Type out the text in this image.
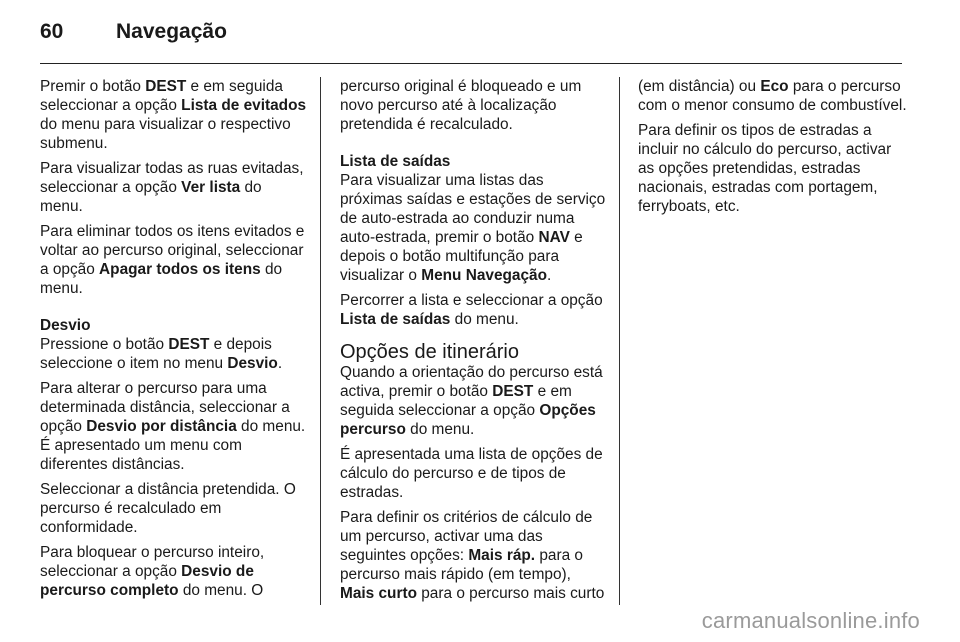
60	Navegação

Premir o botão DEST e em seguida seleccionar a opção Lista de evitados do menu para visualizar o respectivo submenu.

Para visualizar todas as ruas evitadas, seleccionar a opção Ver lista do menu.

Para eliminar todos os itens evitados e voltar ao percurso original, seleccionar a opção Apagar todos os itens do menu.

Desvio

Pressione o botão DEST e depois seleccione o item no menu Desvio.

Para alterar o percurso para uma determinada distância, seleccionar a opção Desvio por distância do menu. É apresentado um menu com diferentes distâncias.

Seleccionar a distância pretendida. O percurso é recalculado em conformidade.

Para bloquear o percurso inteiro, seleccionar a opção Desvio de percurso completo do menu. O

percurso original é bloqueado e um novo percurso até à localização pretendida é recalculado.

Lista de saídas

Para visualizar uma listas das próximas saídas e estações de serviço de auto-estrada ao conduzir numa auto-estrada, premir o botão NAV e depois o botão multifunção para visualizar o Menu Navegação.

Percorrer a lista e seleccionar a opção Lista de saídas do menu.

Opções de itinerário

Quando a orientação do percurso está activa, premir o botão DEST e em seguida seleccionar a opção Opções percurso do menu.

É apresentada uma lista de opções de cálculo do percurso e de tipos de estradas.

Para definir os critérios de cálculo de um percurso, activar uma das seguintes opções: Mais ráp. para o percurso mais rápido (em tempo), Mais curto para o percurso mais curto

(em distância) ou Eco para o percurso com o menor consumo de combustível.

Para definir os tipos de estradas a incluir no cálculo do percurso, activar as opções pretendidas, estradas nacionais, estradas com portagem, ferryboats, etc.

carmanualsonline.info
